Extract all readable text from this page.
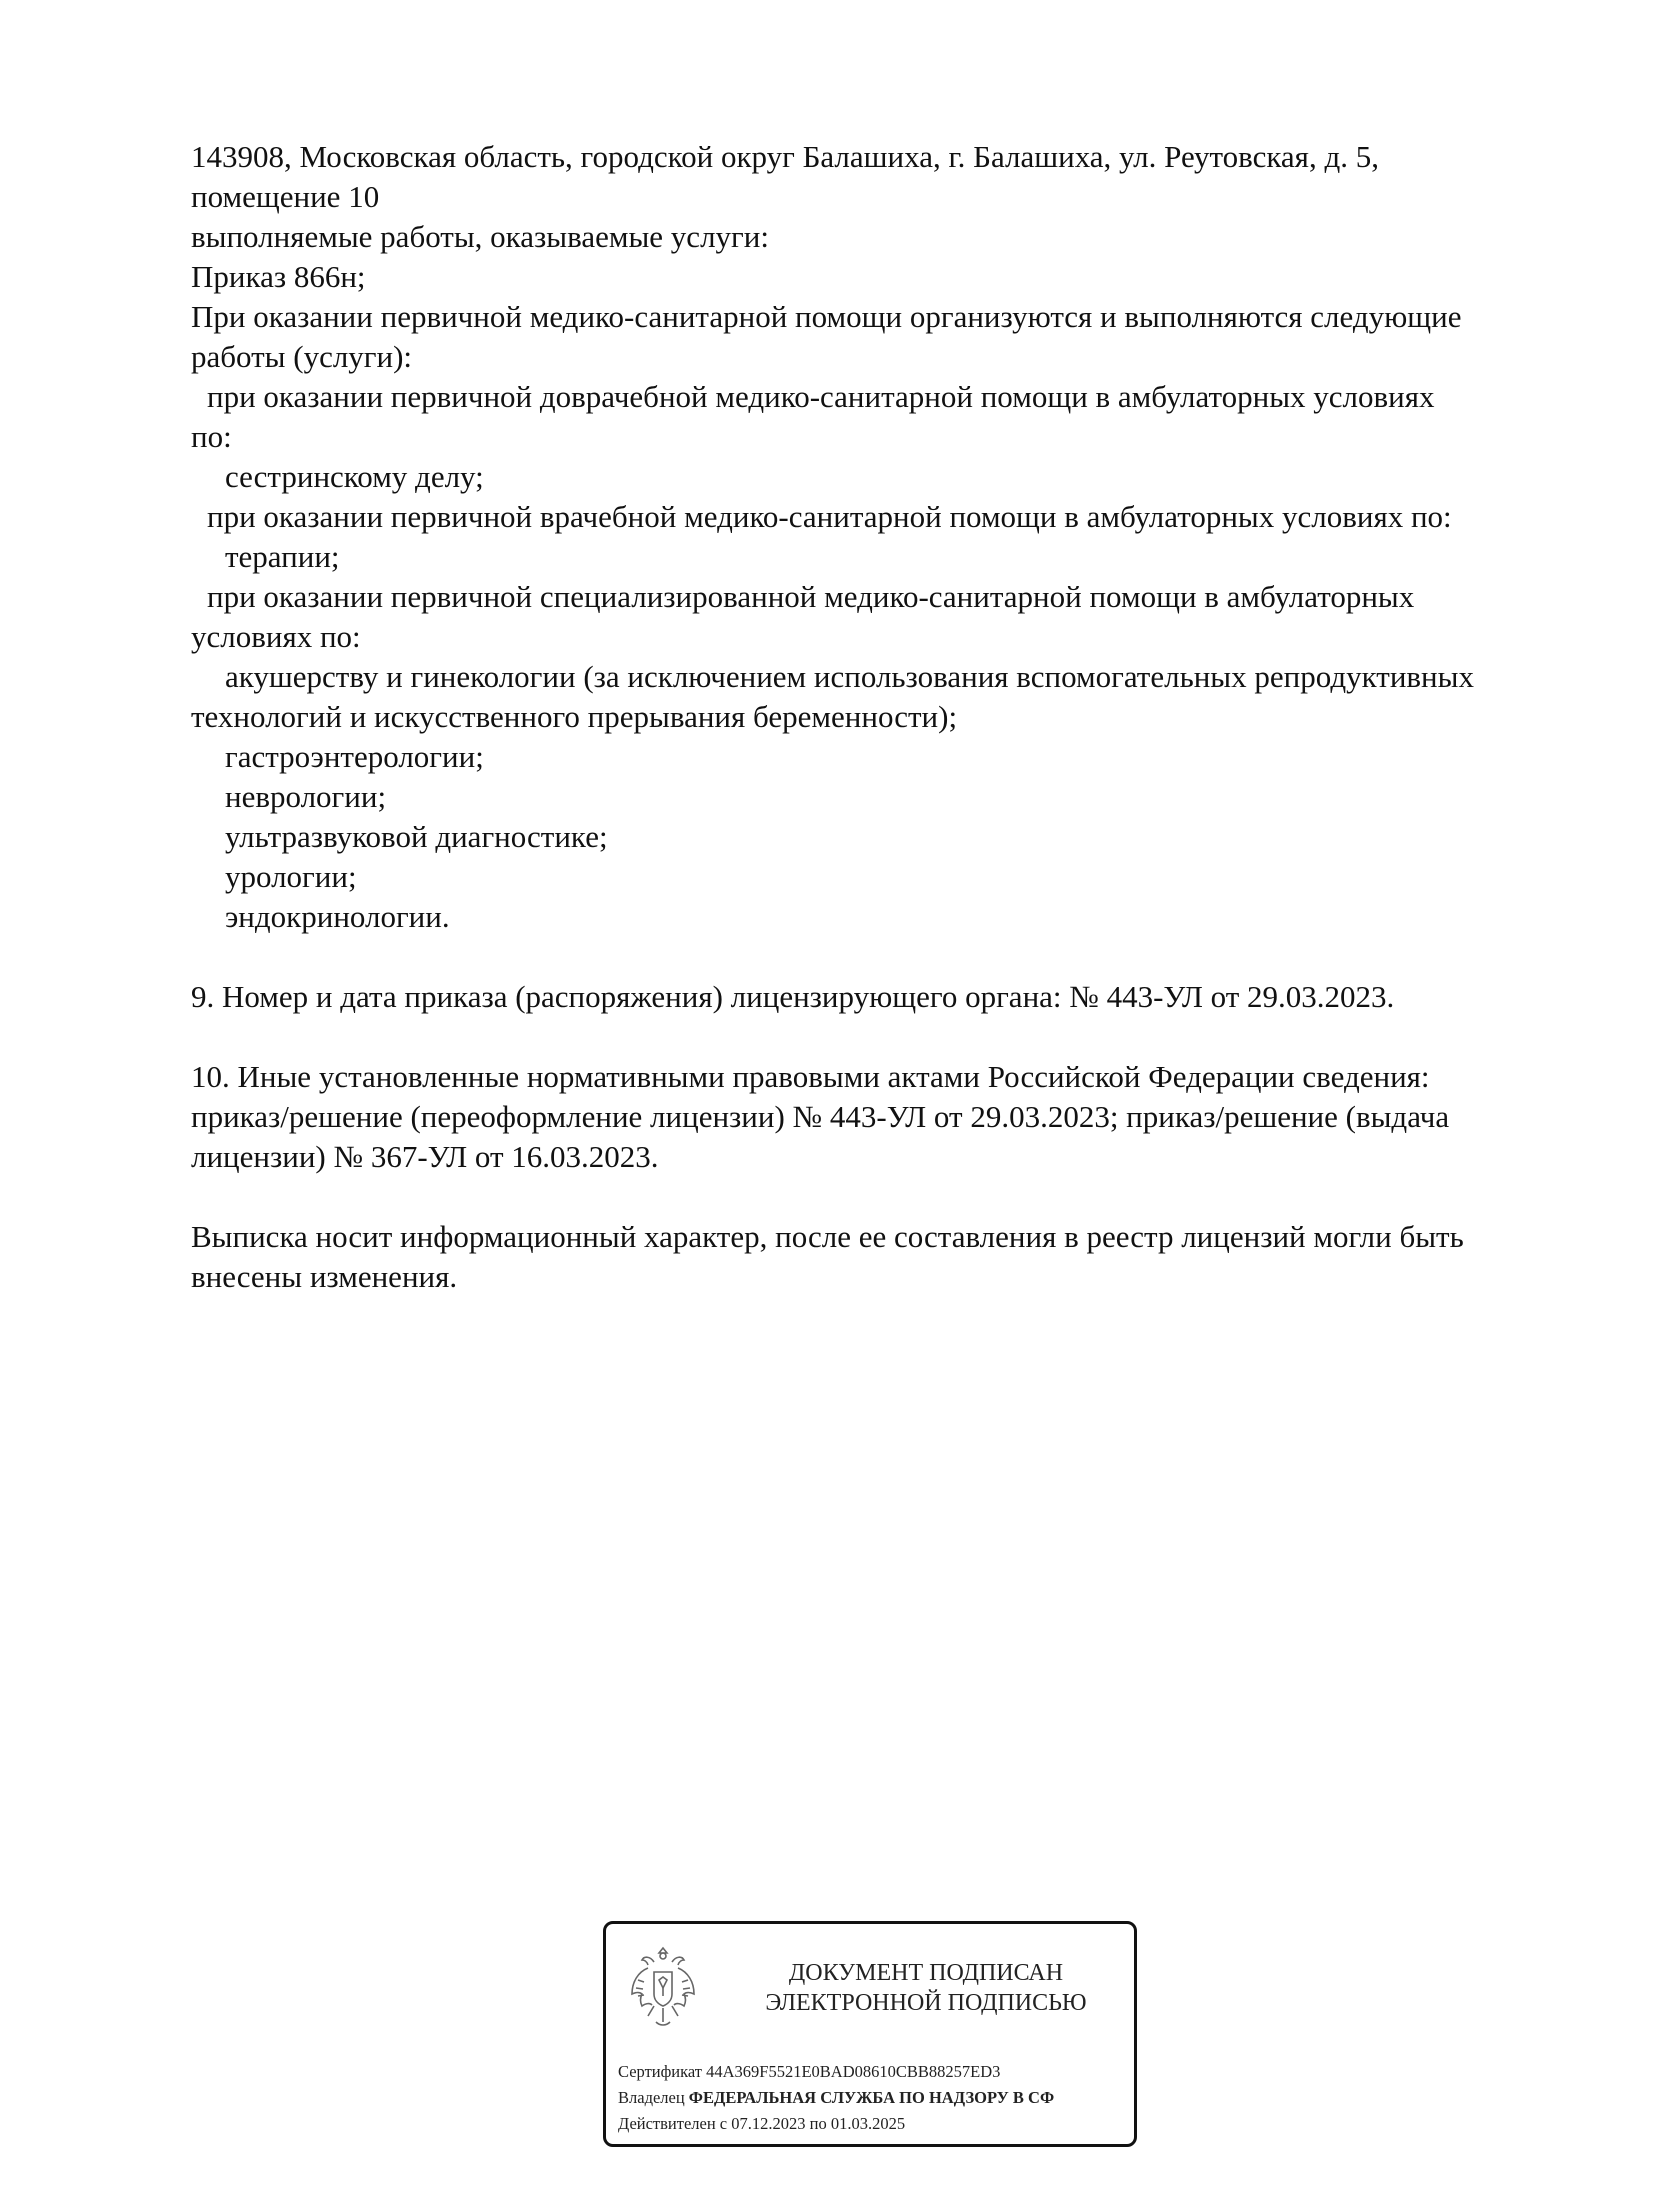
143908, Московская область, городской округ Балашиха, г. Балашиха, ул. Реутовская, д. 5,
помещение 10
выполняемые работы, оказываемые услуги:
Приказ 866н;
При оказании первичной медико-санитарной помощи организуются и выполняются следующие
работы (услуги):
при оказании первичной доврачебной медико-санитарной помощи в амбулаторных условиях
по:
сестринскому делу;
при оказании первичной врачебной медико-санитарной помощи в амбулаторных условиях по:
терапии;
при оказании первичной специализированной медико-санитарной помощи в амбулаторных
условиях по:
акушерству и гинекологии (за исключением использования вспомогательных репродуктивных
технологий и искусственного прерывания беременности);
гастроэнтерологии;
неврологии;
ультразвуковой диагностике;
урологии;
эндокринологии.
9. Номер и дата приказа (распоряжения) лицензирующего органа: № 443-УЛ от 29.03.2023.
10. Иные установленные нормативными правовыми актами Российской Федерации сведения:
приказ/решение (переоформление лицензии) № 443-УЛ от 29.03.2023; приказ/решение (выдача
лицензии) № 367-УЛ от 16.03.2023.
Выписка носит информационный характер, после ее составления в реестр лицензий могли быть
внесены изменения.
ДОКУМЕНТ ПОДПИСАН
ЭЛЕКТРОННОЙ ПОДПИСЬЮ
Сертификат 44A369F5521E0BAD08610CBB88257ED3
Владелец ФЕДЕРАЛЬНАЯ СЛУЖБА ПО НАДЗОРУ В СФ
Действителен с 07.12.2023 по 01.03.2025
